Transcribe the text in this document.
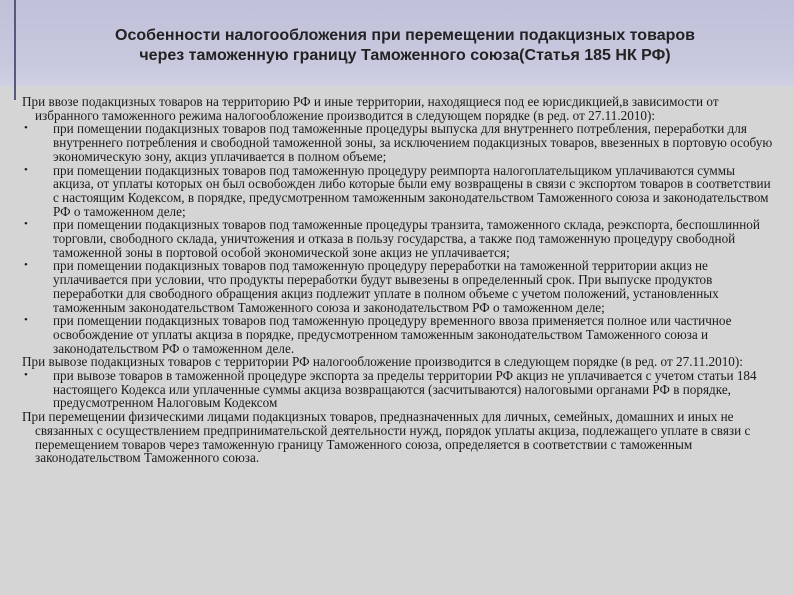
Особенности налогообложения при перемещении подакцизных товаров
через таможенную границу Таможенного союза(Статья 185 НК РФ)

При ввозе подакцизных товаров на территорию РФ и иные территории, находящиеся под ее юрисдикцией,в зависимости от избранного таможенного режима налогообложение производится в следующем порядке (в ред. от 27.11.2010):

• при помещении подакцизных товаров под таможенные процедуры выпуска для внутреннего потребления, переработки для внутреннего потребления и свободной таможенной зоны, за исключением подакцизных товаров, ввезенных в портовую особую экономическую зону, акциз уплачивается в полном объеме;
• при помещении подакцизных товаров под таможенную процедуру реимпорта налогоплательщиком уплачиваются суммы акциза, от уплаты которых он был освобожден либо которые были ему возвращены в связи с экспортом товаров в соответствии с настоящим Кодексом, в порядке, предусмотренном таможенным законодательством Таможенного союза и законодательством РФ о таможенном деле;
• при помещении подакцизных товаров под таможенные процедуры транзита, таможенного склада, реэкспорта, беспошлинной торговли, свободного склада, уничтожения и отказа в пользу государства, а также под таможенную процедуру свободной таможенной зоны в портовой особой экономической зоне акциз не уплачивается;
• при помещении подакцизных товаров под таможенную процедуру переработки на таможенной территории акциз не уплачивается при условии, что продукты переработки будут вывезены в определенный срок. При выпуске продуктов переработки для свободного обращения акциз подлежит уплате в полном объеме с учетом положений, установленных таможенным законодательством Таможенного союза и законодательством РФ о таможенном деле;
• при помещении подакцизных товаров под таможенную процедуру временного ввоза применяется полное или частичное освобождение от уплаты акциза в порядке, предусмотренном таможенным законодательством Таможенного союза и законодательством РФ о таможенном деле.

При вывозе подакцизных товаров с территории РФ налогообложение производится в следующем порядке (в ред. от 27.11.2010):

• при вывозе товаров в таможенной процедуре экспорта за пределы территории РФ акциз не уплачивается с учетом статьи 184 настоящего Кодекса или уплаченные суммы акциза возвращаются (засчитываются) налоговыми органами РФ в порядке, предусмотренном Налоговым Кодексом

При перемещении физическими лицами подакцизных товаров, предназначенных для личных, семейных, домашних и иных не связанных с осуществлением предпринимательской деятельности нужд, порядок уплаты акциза, подлежащего уплате в связи с перемещением товаров через таможенную границу Таможенного союза, определяется в соответствии с таможенным законодательством Таможенного союза.
